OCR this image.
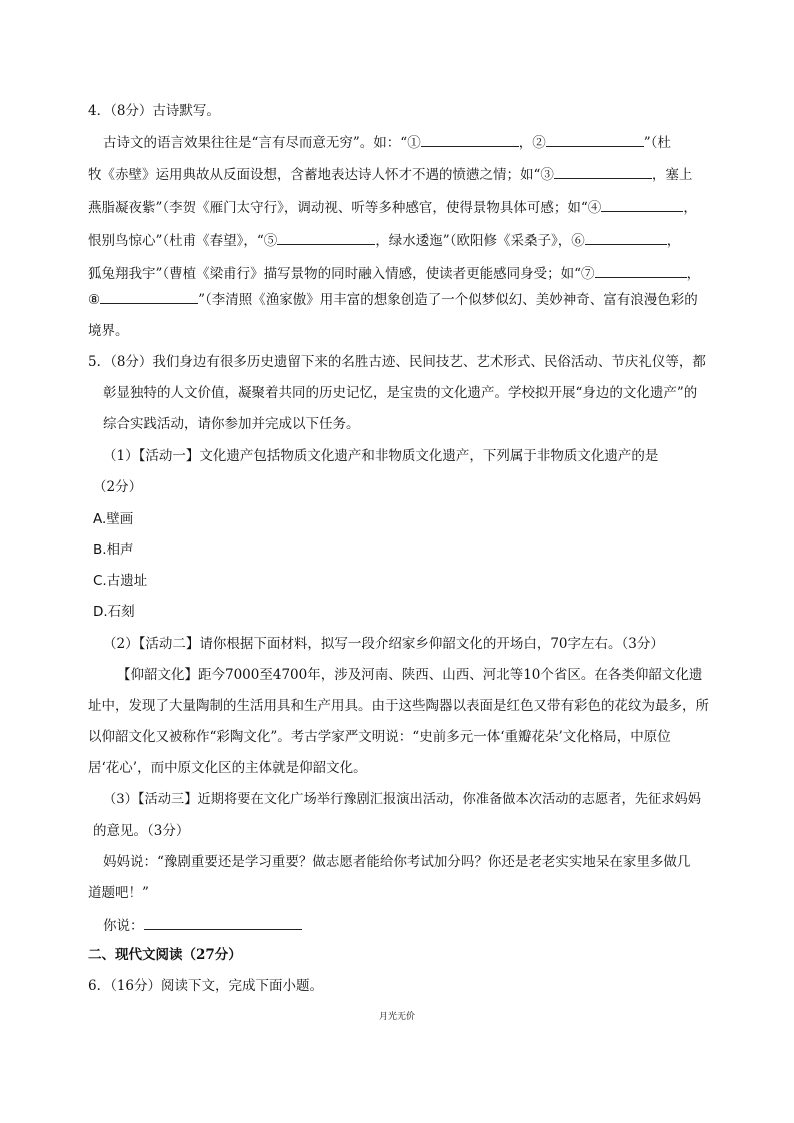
4．（8分）古诗默写。
古诗文的语言效果往往是“言有尽而意无穷”。如：“①	，②	”（杜
牧《赤壁》运用典故从反面设想，含蓄地表达诗人怀才不遇的愤懑之情；如“③	，塞上
燕脂凝夜紫”（李贺《雁门太守行》，调动视、听等多种感官，使得景物具体可感；如“④	，
恨别鸟惊心”（杜甫《春望》，“⑤	，绿水逶迤”（欧阳修《采桑子》，⑥	，
狐兔翔我宇”（曹植《梁甫行》描写景物的同时融入情感，使读者更能感同身受；如“⑦	，
⑧	”（李清照《渔家傲》用丰富的想象创造了一个似梦似幻、美妙神奇、富有浪漫色彩的
境界。
5．（8分）我们身边有很多历史遗留下来的名胜古迹、民间技艺、艺术形式、民俗活动、节庆礼仪等，都
彰显独特的人文价值，凝聚着共同的历史记忆，是宝贵的文化遗产。学校拟开展“身边的文化遗产”的
综合实践活动，请你参加并完成以下任务。
（1）【活动一】文化遗产包括物质文化遗产和非物质文化遗产，下列属于非物质文化遗产的是
（2分）
A.壁画
B.相声
C.古遗址
D.石刻
（2）【活动二】请你根据下面材料，拟写一段介绍家乡仰韶文化的开场白，70字左右。（3分）
【仰韶文化】距今7000至4700年，涉及河南、陕西、山西、河北等10个省区。在各类仰韶文化遗
址中，发现了大量陶制的生活用具和生产用具。由于这些陶器以表面是红色又带有彩色的花纹为最多，所
以仰韶文化又被称作“彩陶文化”。考古学家严文明说：“史前多元一体‘重瓣花朵’文化格局，中原位
居‘花心’，而中原文化区的主体就是仰韶文化。
（3）【活动三】近期将要在文化广场举行豫剧汇报演出活动，你准备做本次活动的志愿者，先征求妈妈
的意见。（3分）
妈妈说：“豫剧重要还是学习重要？做志愿者能给你考试加分吗？你还是老老实实地呆在家里多做几
道题吧！”
你说：
二、现代文阅读（27分）
6．（16分）阅读下文，完成下面小题。
月光无价
